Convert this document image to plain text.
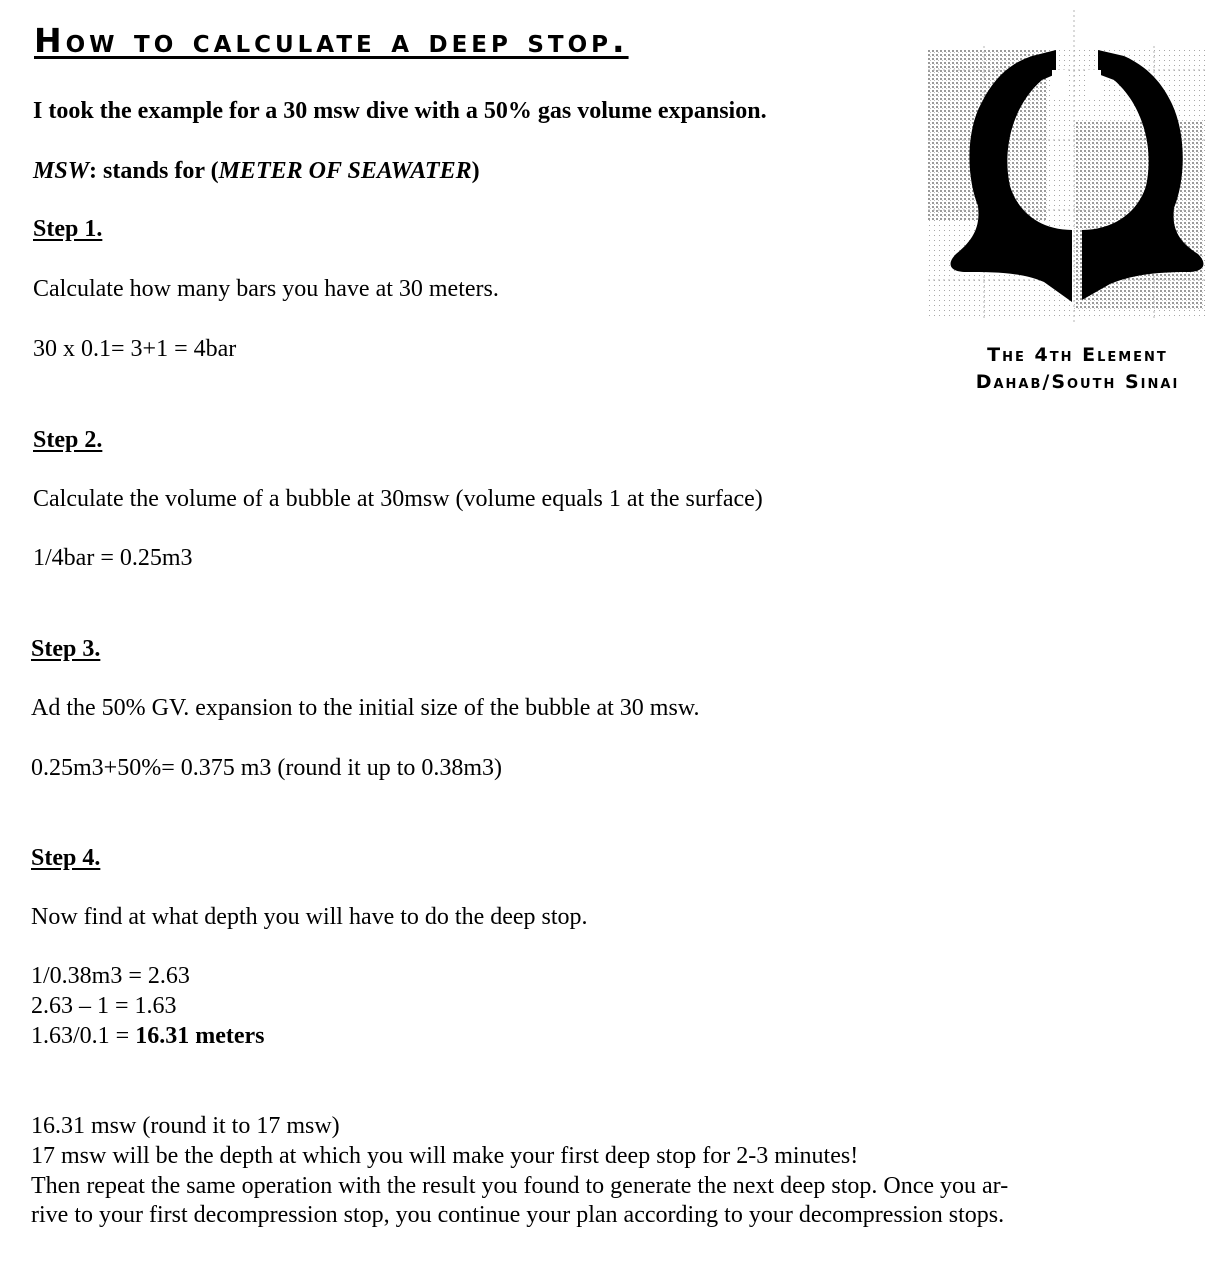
How to calculate a deep stop.
I took the example for a 30 msw dive with a 50% gas volume expansion.
MSW: stands for (METER OF SEAWATER)
Step 1.
Calculate how many bars you have at 30 meters.
30 x 0.1= 3+1 = 4bar
Step 2.
Calculate the volume of a bubble at 30msw (volume equals 1 at the surface)
1/4bar = 0.25m3
Step 3.
Ad the 50% GV. expansion to the initial size of the bubble at 30 msw.
0.25m3+50%= 0.375 m3 (round it up to 0.38m3)
Step 4.
Now find at what depth you will have to do the deep stop.
1/0.38m3 = 2.63
2.63 – 1 = 1.63
1.63/0.1 = 16.31 meters
16.31 msw (round it to 17 msw)
17 msw will be the depth at which you will make your first deep stop for 2-3 minutes!
Then repeat the same operation with the result you found to generate the next deep stop. Once you ar-
rive to your first decompression stop, you continue your plan according to your decompression stops.
The 4th Element
Dahab/South Sinai
